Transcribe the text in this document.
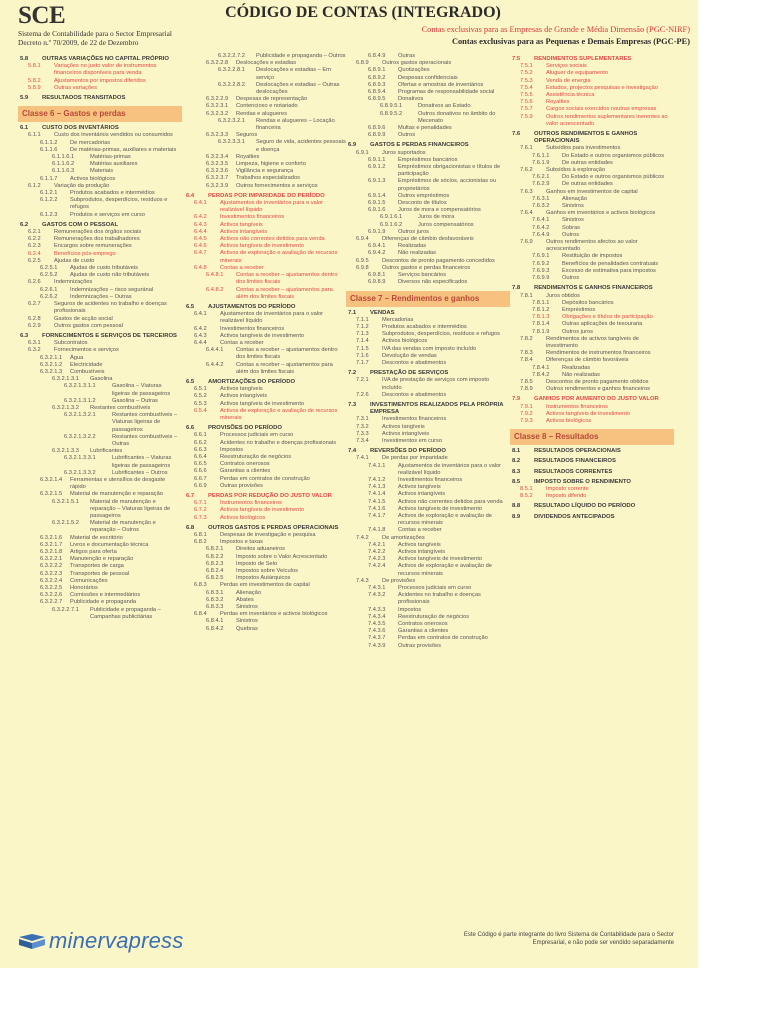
SCE
Sistema de Contabilidade para o Sector Empresarial
Decreto n.º 70/2009, de 22 de Dezembro
CÓDIGO DE CONTAS (INTEGRADO)
Contas exclusivas para as Empresas de Grande e Média Dimensão (PGC-NIRF)
Contas exclusivas para as Pequenas e Demais Empresas (PGC-PE)
5.8 OUTRAS VARIAÇÕES NO CAPITAL PRÓPRIO
5.8.1 Variações no justo valor de instrumentos financeiros disponíveis para venda
5.8.2 Ajustamentos por impostos diferidos
5.8.9 Outras variações
5.9 RESULTADOS TRANSITADOS
Classe 6 – Gastos e perdas
6.1 CUSTO DOS INVENTÁRIOS
6.1.1 Custo dos inventários vendidos ou consumidos
6.1.1.2 De mercadorias
6.1.1.6 De matérias-primas, auxiliares e materiais
6.1.1.6.1	Matérias-primas
6.1.1.6.2	Matérias auxiliares
6.1.1.6.3	Materiais
6.1.1.7 Activos biológicos
6.1.2 Variação da produção
6.1.2.1 Produtos acabados e intermédios
6.1.2.2 Subprodutos, desperdícios, resíduos e refugos
6.1.2.3 Produtos e serviços em curso
6.2 GASTOS COM O PESSOAL
6.2.1 Remunerações dos órgãos sociais
6.2.2 Remunerações dos trabalhadores
6.2.3 Encargos sobre remunerações
6.2.4 Benefícios pós-emprego
6.2.5 Ajudas de custo
6.2.5.1 Ajudas de custo tributáveis
6.2.5.2 Ajudas de custo não tributáveis
6.2.6 Indemnizações
6.2.6.1 Indemnizações – risco seguránal
6.2.6.2 Indemnizações – Outras
6.2.7 Seguros de acidentes no trabalho e doenças profissionais
6.2.8 Gastos de acção social
6.2.9 Outros gastos com pessoal
6.3 FORNECIMENTOS E SERVIÇOS DE TERCEIROS
6.3.1 Subcontratos
6.3.2 Fornecimentos e serviços
6.3.2.1.1 Água
6.3.2.1.2 Electricidade
6.3.2.1.3 Combustíveis
6.3.2.1.3.1 Gasolina
6.3.2.1.3.1.1	Gasolina – Viaturas ligeiras de passageiros
6.3.2.1.3.1.2	Gasolina – Outras
6.3.2.1.3.2 Restantes combustíveis
6.3.2.1.3.2.1	Restantes combustíveis – Viaturas ligeiras de passageiros
6.3.2.1.3.2.2	Restantes combustíveis – Outras
6.3.2.1.3.3 Lubrificantes
6.3.2.1.3.3.1	Lubrificantes – Viaturas ligeiras de passageiros
6.3.2.1.3.3.2	Lubrificantes – Outros
6.3.2.1.4 Ferramentas e utensílios de desgaste rápido
6.3.2.1.5 Material de manutenção e reparação
6.3.2.1.5.1 Material de manutenção e reparação – Viaturas ligeiras de passageiros
6.3.2.1.5.2 Material de manutenção e reparação – Outros
6.3.2.1.6 Material de escritório
6.3.2.1.7 Livros e documentação técnica
6.3.2.1.8 Artigos para oferta
6.3.2.2.1 Manutenção e reparação
6.3.2.2.2 Transportes de carga
6.3.2.2.3 Transportes de pessoal
6.3.2.2.4 Comunicações
6.3.2.2.5 Honorários
6.3.2.2.6 Comissões e intermediários
6.3.2.2.7 Publicidade e propaganda
6.3.2.2.7.1 Publicidade e propaganda – Campanhas publicitárias
6.3.2.2.7.2 Publicidade e propaganda – Outros
6.3.2.2.8 Deslocações e estadias
6.3.2.2.8.1 Deslocações e estadias – Em serviço
6.3.2.2.8.2 Deslocações e estadias – Outras deslocações
6.3.2.2.9 Despesas de representação
6.3.2.3.1 Contencioso e notariado
6.3.2.3.2 Rendas e alugueres
6.3.2.3.2.1 Rendas e alugueres – Locação financeira
6.3.2.3.3 Seguros
6.3.2.3.3.1 Seguro de vida, acidentes pessoais e doença
6.3.2.3.4 Royalties
6.3.2.3.5 Limpeza, higiene e conforto
6.3.2.3.6 Vigilância e segurança
6.3.2.3.7 Trabalhos especializados
6.3.2.3.9 Outros fornecimentos e serviços
6.4 PERDAS POR IMPARIDADE DO PERÍODO
6.4.1 Ajustamentos de inventários para o valor realizável líquido
6.4.2 Investimentos financeiros
6.4.3 Activos tangíveis
6.4.4 Activos intangíveis
6.4.5 Activos não correntes detidos para venda
6.4.6 Activos tangíveis de investimento
6.4.7 Activos de exploração e avaliação de recursos minerais
6.4.8 Contas a receber
6.4.8.1 Contas a receber – ajustamentos dentro dos limites fiscais
6.4.8.2 Contas a receber – ajustamentos para além dos limites fiscais
6.5 AJUSTAMENTOS DO PERÍODO
6.4.1 Ajustamentos de inventários para o valor realizável líquido
6.4.2 Investimentos financeiros
6.4.3 Activos tangíveis de investimento
6.4.4 Contas a receber
6.4.4.1 Contas a receber – ajustamentos dentro dos limites fiscais
6.4.4.2 Contas a receber – ajustamentos para além dos limites fiscais
6.5 AMORTIZAÇÕES DO PERÍODO
6.5.1 Activos tangíveis
6.5.2 Activos intangíveis
6.5.3 Activos tangíveis de investimento
6.5.4 Activos de exploração e avaliação de recursos minerais
6.6 PROVISÕES DO PERÍODO
6.6.1 Processos judiciais em curso
6.6.2 Acidentes no trabalho e doenças profissionais
6.6.3 Impostos
6.6.4 Reestruturação de negócios
6.6.5 Contratos onerosos
6.6.6 Garantias a clientes
6.6.7 Perdas em contratos de construção
6.6.9 Outras provisões
6.7 PERDAS POR REDUÇÃO DO JUSTO VALOR
6.7.1 Instrumentos financeiros
6.7.2 Activos tangíveis de investimento
6.7.3 Activos biológicos
6.8 OUTROS GASTOS E PERDAS OPERACIONAIS
6.8.1 Despesas de investigação e pesquisa
6.8.2 Impostos e taxas
6.8.2.1 Direitos aduaneiros
6.8.2.2 Imposto sobre o Valor Acrescentado
6.8.2.3 Imposto de Selo
6.8.2.4 Impostos sobre Veículos
6.8.2.5 Impostos Autárquicos
6.8.3 Perdas em investimentos de capital
6.8.3.1 Alienação
6.8.3.2 Abates
6.8.3.3 Sinistros
6.8.4 Perdas em inventários e activos biológicos
6.8.4.1 Sinistros
6.8.4.2 Quebras
6.8.4.9 Outras
6.8.9 Outros gastos operacionais
6.8.9.1 Quotizações
6.8.9.2 Despesas confidenciais
6.8.9.3 Ofertas e amostras de inventários
6.8.9.4 Programas de responsabilidade social
6.8.9.5 Donativos
6.8.9.5.1	Donativos ao Estado
6.8.9.5.2	Outros donativos no âmbito do Mecenato
6.8.9.6 Multas e penalidades
6.8.9.9 Outros
6.9 GASTOS E PERDAS FINANCEIROS
6.9.1 Juros suportados
6.9.1.1 Empréstimos bancários
6.9.1.2 Empréstimos obrigacionistas e títulos de participação
6.9.1.3 Empréstimos de sócios, accionistas ou proprietários
6.9.1.4 Outros empréstimos
6.9.1.5 Desconto de títulos
6.9.1.6 Juros de mora e compensatórios
6.9.1.6.1	Juros de mora
6.9.1.6.2	Juros compensatórios
6.9.1.9 Outros juros
6.9.4 Diferenças de câmbio desfavoráveis
6.9.4.1 Realizadas
6.9.4.2 Não realizadas
6.9.5 Descontos de pronto pagamento concedidos
6.9.8 Outros gastos e perdas financeiros
6.9.8.1 Serviços bancários
6.9.8.9 Diversos não especificados
Classe 7 – Rendimentos e ganhos
7.1 VENDAS
7.1.1 Mercadorias
7.1.2 Produtos acabados e intermédios
7.1.3 Subprodutos, desperdícios, resíduos e refugos
7.1.4 Activos biológicos
7.1.5 IVA das vendas com imposto incluído
7.1.6 Devolução de vendas
7.1.7 Descontos e abatimentos
7.2 PRESTAÇÃO DE SERVIÇOS
7.2.1 IVA de prestação de serviços com imposto incluído
7.2.6 Descontos e abatimentos
7.3 INVESTIMENTOS REALIZADOS PELA PRÓPRIA EMPRESA
7.3.1 Investimentos financeiros
7.3.2 Activos tangíveis
7.3.3 Activos intangíveis
7.3.4 Investimentos em curso
7.4 REVERSÕES DO PERÍODO
7.4.1 De perdas por imparidade
7.4.1.1 Ajustamentos de inventários para o valor realizável líquido
7.4.1.2 Investimentos financeiros
7.4.1.3 Activos tangíveis
7.4.1.4 Activos intangíveis
7.4.1.5 Activos não correntes detidos para venda
7.4.1.6 Activos tangíveis de investimento
7.4.1.7 Activos de exploração e avaliação de recursos minerais
7.4.1.8 Contas a receber
7.4.2 De amortizações
7.4.2.1 Activos tangíveis
7.4.2.2 Activos intangíveis
7.4.2.3 Activos tangíveis de investimento
7.4.2.4 Activos de exploração e avaliação de recursos minerais
7.4.3 De provisões
7.4.3.1 Processos judiciais em curso
7.4.3.2 Acidentes no trabalho e doenças profissionais
7.4.3.3 Impostos
7.4.3.4 Reestruturação de negócios
7.4.3.5 Contratos onerosos
7.4.3.6 Garantias a clientes
7.4.3.7 Perdas em contratos de construção
7.4.3.9 Outras provisões
7.5 RENDIMENTOS SUPLEMENTARES
7.5.1 Serviços sociais
7.5.2 Aluguer de equipamento
7.5.3 Venda de energia
7.5.4 Estudos, projectos pesquisas e investigação
7.5.5 Assistência técnica
7.5.6 Royalties
7.5.7 Cargos sociais exercidos noutras empresas
7.5.9 Outros rendimentos suplementares inerentes ao valor acrescentado
7.6 OUTROS RENDIMENTOS E GANHOS OPERACIONAIS
7.6.1 Subsídios para investimentos
7.6.1.1 Do Estado e outros organismos públicos
7.6.1.9 De outras entidades
7.6.2 Subsídios à exploração
7.6.2.1 Do Estado e outros organismos públicos
7.6.2.9 De outras entidades
7.6.3 Ganhos em investimentos de capital
7.6.3.1 Alienação
7.6.3.2 Sinistros
7.6.4 Ganhos em inventários e activos biológicos
7.6.4.1 Sinistros
7.6.4.2 Sobras
7.6.4.9 Outros
7.6.9 Outros rendimentos afectos ao valor acrescentado
7.6.9.1 Restituição de impostos
7.6.9.2 Benefícios de penalidades contratuais
7.6.9.3 Excesso de estimativa para impostos
7.6.9.9 Outros
7.8 RENDIMENTOS E GANHOS FINANCEIROS
7.8.1 Juros obtidos
7.8.1.1 Depósitos bancários
7.8.1.2 Empréstimos
7.8.1.3 Obrigações e títulos de participação
7.8.1.4 Outras aplicações de tesouraria
7.8.1.9 Outros juros
7.8.2 Rendimentos de activos tangíveis de investimento
7.8.3 Rendimentos de instrumentos financeiros
7.8.4 Diferenças de câmbio favoráveis
7.8.4.1 Realizadas
7.8.4.2 Não realizadas
7.8.5 Descontos de pronto pagamento obtidos
7.8.9 Outros rendimentos e ganhos financeiros
7.9 GANHOS POR AUMENTO DO JUSTO VALOR
7.9.1 Instrumentos financeiros
7.9.2 Activos tangíveis de investimento
7.9.3 Activos biológicos
Classe 8 – Resultados
8.1 RESULTADOS OPERACIONAIS
8.2 RESULTADOS FINANCEIROS
8.3 RESULTADOS CORRENTES
8.5 IMPOSTO SOBRE O RENDIMENTO
8.5.1 Imposto corrente
8.5.2 Imposto diferido
8.8 RESULTADO LÍQUIDO DO PERÍODO
8.9 DIVIDENDOS ANTECIPADOS
minervapress	Este Código é parte integrante do livro Sistema de Contabilidade para o Sector
Empresarial, e não pode ser vendido separadamente
